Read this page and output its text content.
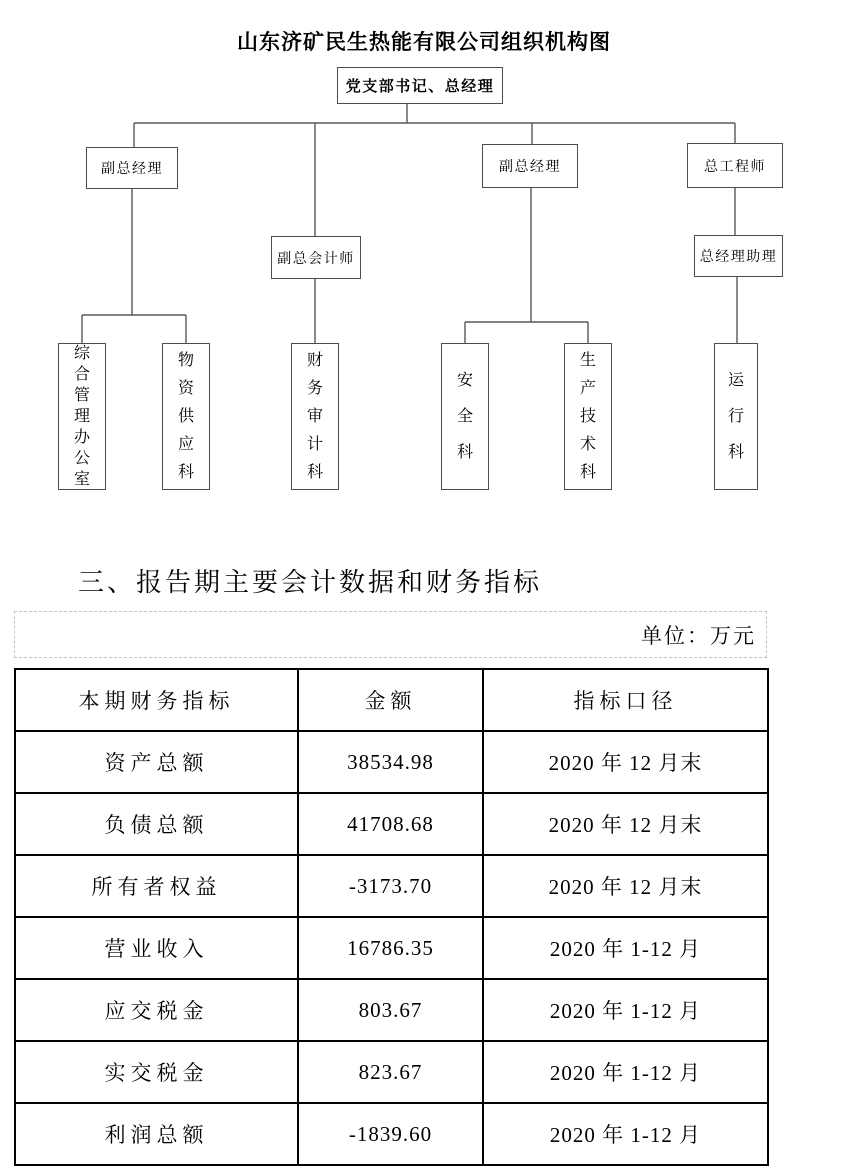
山东济矿民生热能有限公司组织机构图
党支部书记、总经理
副总经理
副总会计师
副总经理	总工程师
总经理助理
综合管理办公室
物资供应科
财务审计科
安全科
生产技术科
运行科
三、报告期主要会计数据和财务指标
单位：万元
本期财务指标	金额	指标口径
资产总额	38534.98	2020 年 12 月末
负债总额	41708.68	2020 年 12 月末
所有者权益	-3173.70	2020 年 12 月末
营业收入	16786.35	2020 年 1-12 月
应交税金	803.67	2020 年 1-12 月
实交税金	823.67	2020 年 1-12 月
利润总额	-1839.60	2020 年 1-12 月
